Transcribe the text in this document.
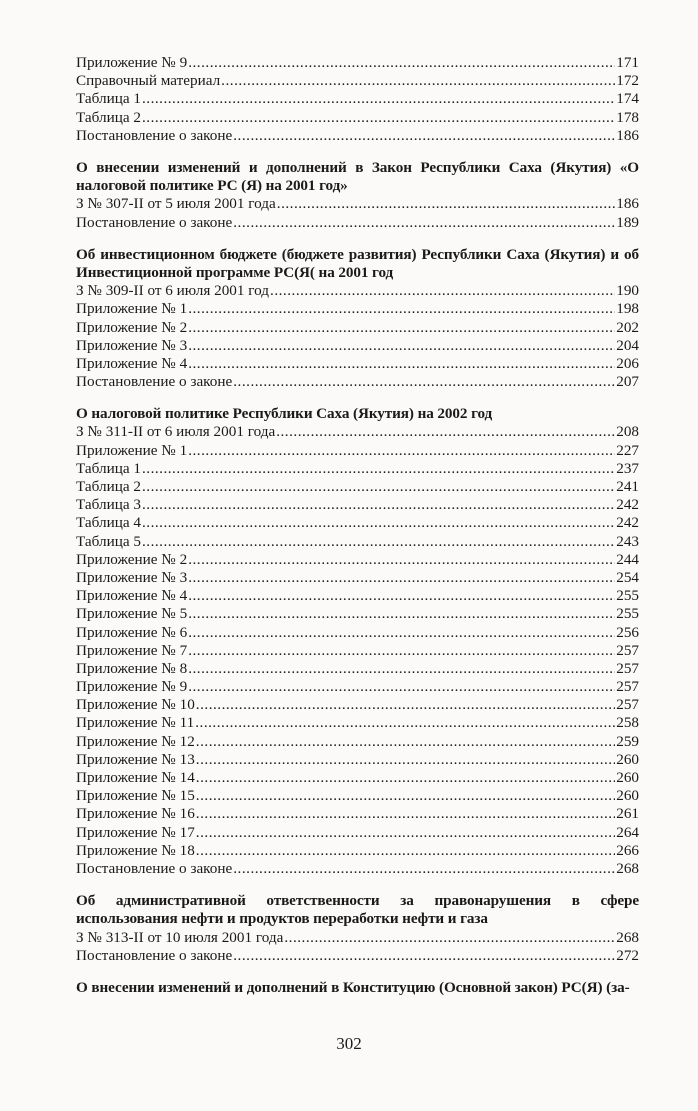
Приложение № 9 .....	171
Справочный материал .....	172
Таблица 1 .....	174
Таблица 2 .....	178
Постановление о законе .....	186
О внесении изменений и дополнений в Закон Республики Саха (Якутия) «О налоговой политике РС (Я) на 2001 год»
З № 307-II от 5 июля 2001 года .....	186
Постановление о законе .....	189
Об инвестиционном бюджете (бюджете развития) Республики Саха (Якутия) и об Инвестиционной программе РС(Я( на 2001 год
З № 309-II от 6 июля 2001 год .....	190
Приложение № 1 .....	198
Приложение № 2 .....	202
Приложение № 3 .....	204
Приложение № 4 .....	206
Постановление о законе .....	207
О налоговой политике Республики Саха (Якутия) на 2002 год
З № 311-II от 6 июля 2001 года .....	208
Приложение № 1 .....	227
Таблица 1 .....	237
Таблица 2 .....	241
Таблица 3 .....	242
Таблица 4 .....	242
Таблица 5 .....	243
Приложение № 2 .....	244
Приложение № 3 .....	254
Приложение № 4 .....	255
Приложение № 5 .....	255
Приложение № 6 .....	256
Приложение № 7 .....	257
Приложение № 8 .....	257
Приложение № 9 .....	257
Приложение № 10 .....	257
Приложение № 11 .....	258
Приложение № 12 .....	259
Приложение № 13 .....	260
Приложение № 14 .....	260
Приложение № 15 .....	260
Приложение № 16 .....	261
Приложение № 17 .....	264
Приложение № 18 .....	266
Постановление о законе .....	268
Об административной ответственности за правонарушения в сфере использования нефти и продуктов переработки нефти и газа
З № 313-II от 10 июля 2001 года .....	268
Постановление о законе .....	272
О внесении изменений и дополнений в Конституцию (Основной закон) РС(Я) (за-
302
